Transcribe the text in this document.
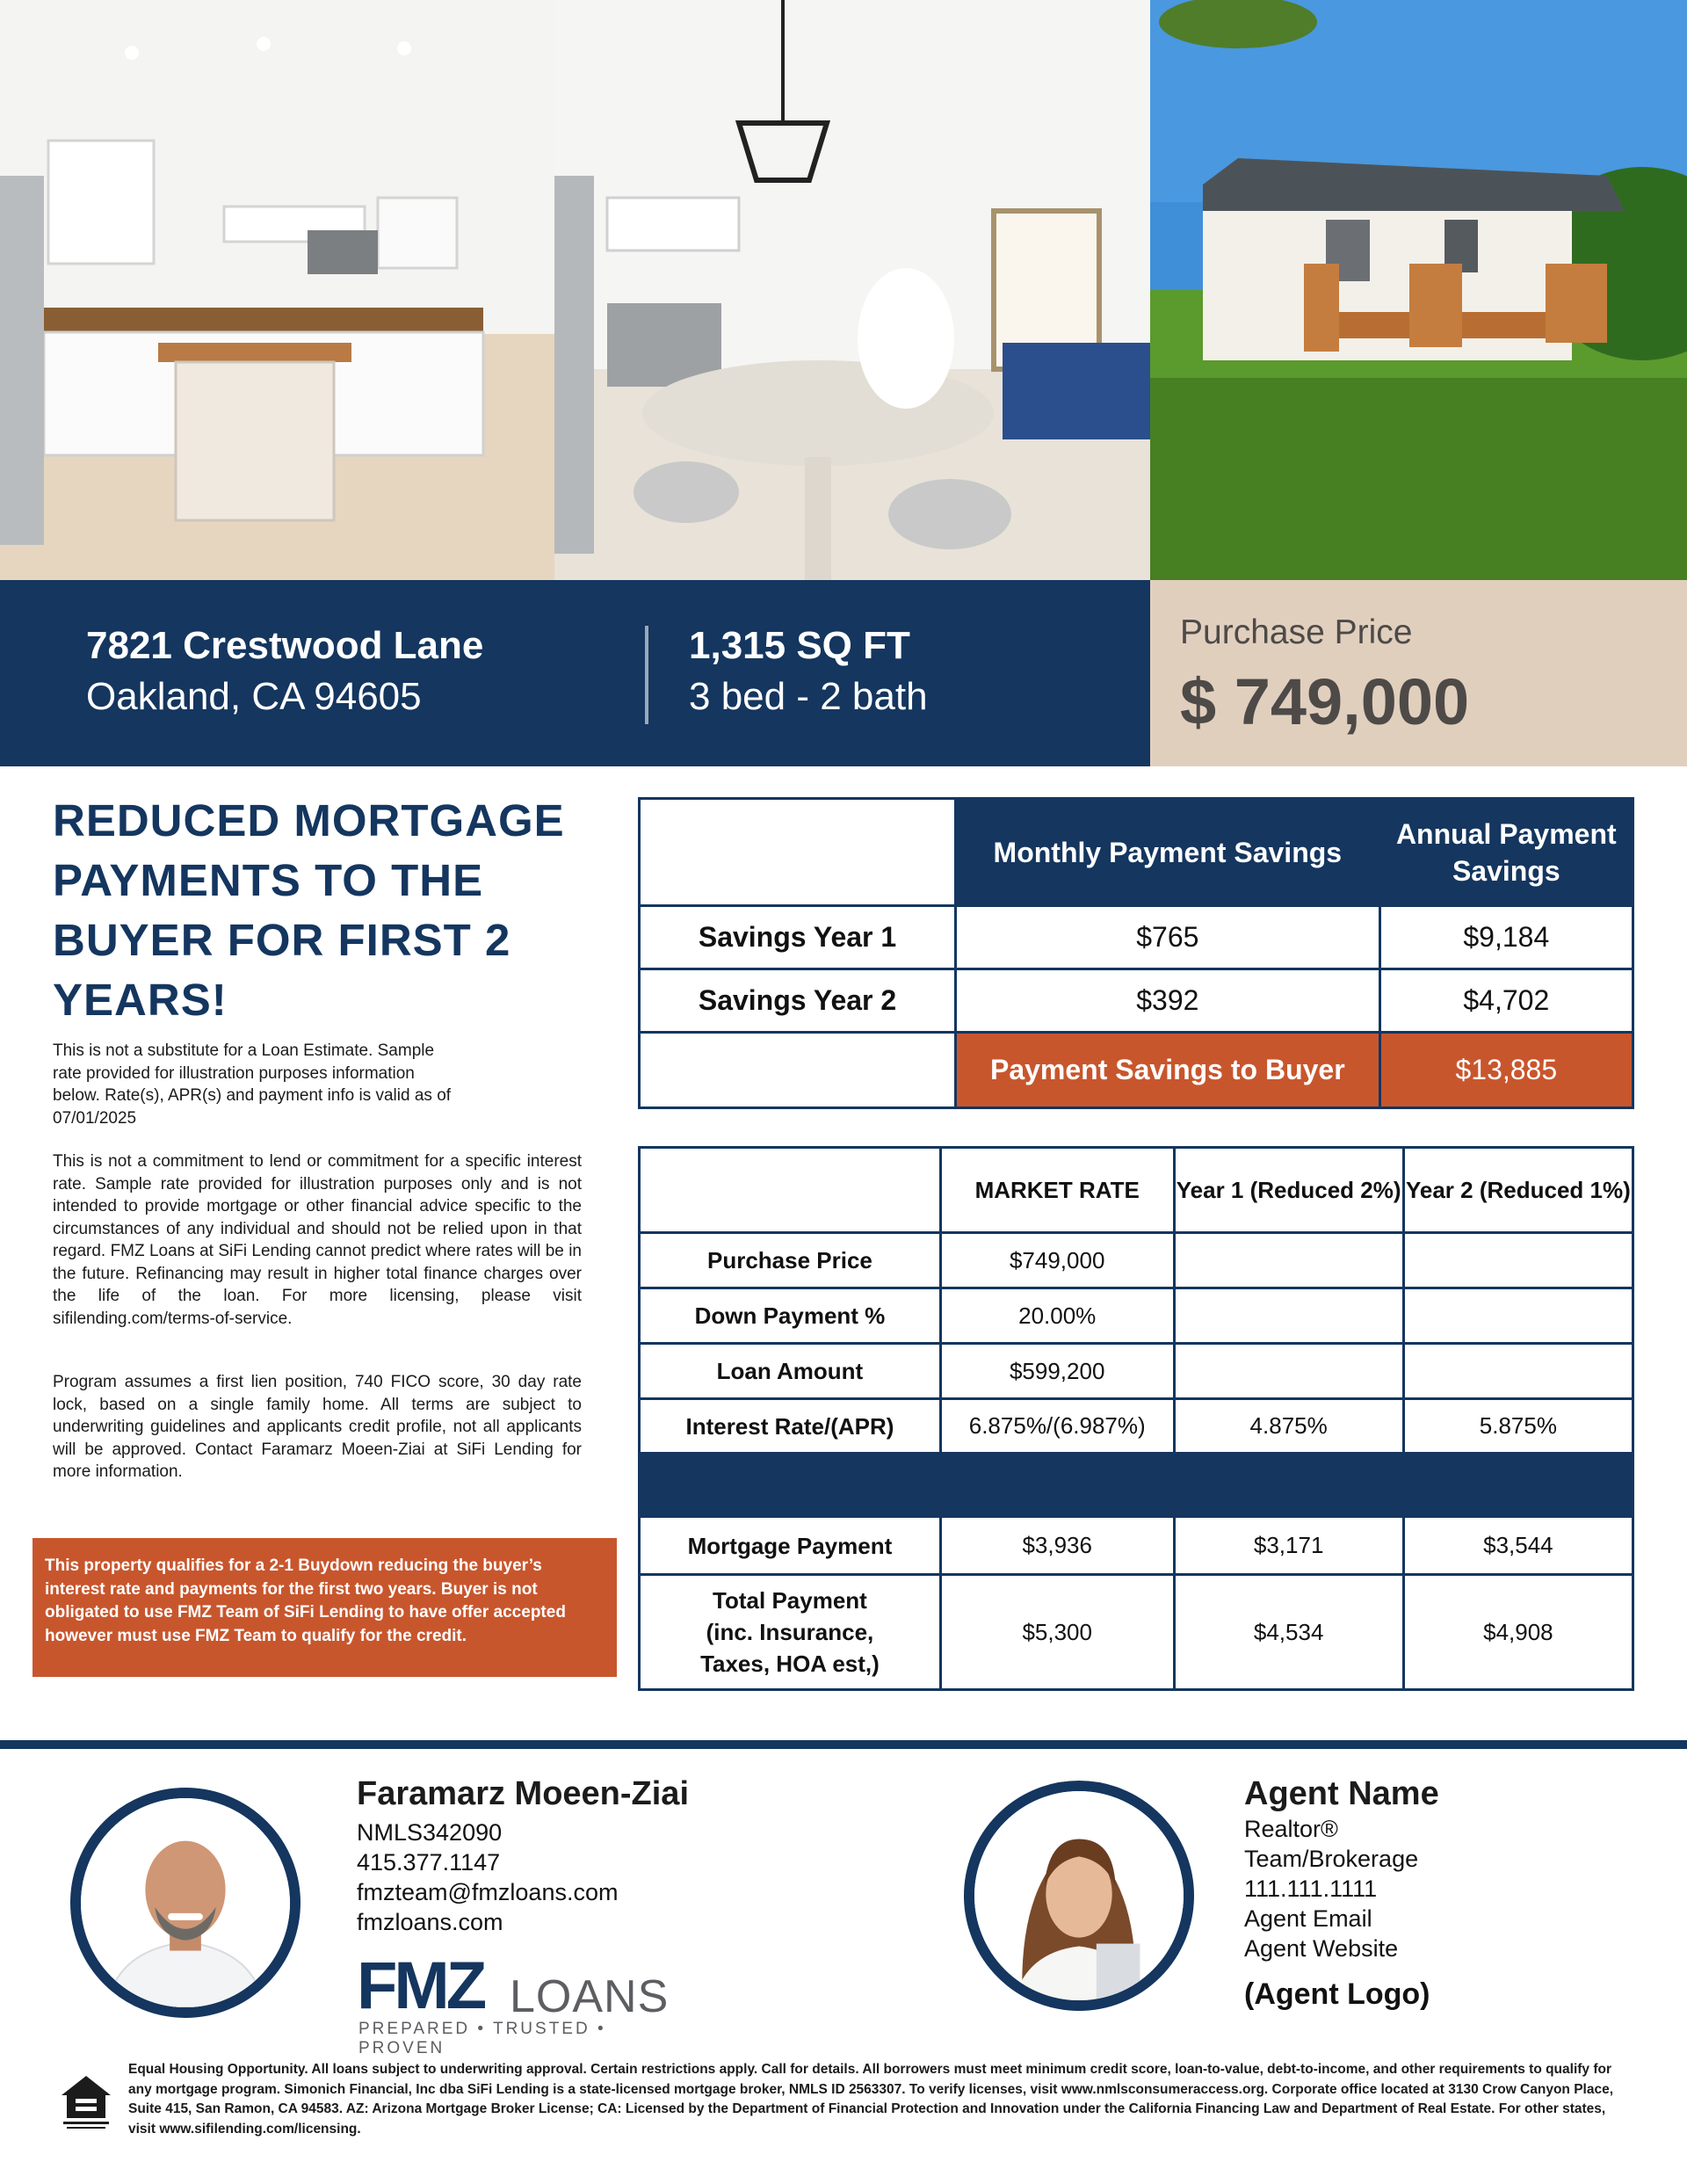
7821 Crestwood Lane
Oakland, CA 94605
1,315 SQ FT
3 bed - 2 bath
Purchase Price
$ 749,000
REDUCED MORTGAGE PAYMENTS TO THE BUYER FOR FIRST 2 YEARS!
This is not a substitute for a Loan Estimate. Sample rate provided for illustration purposes information below. Rate(s), APR(s) and payment info is valid as of 07/01/2025
This is not a commitment to lend or commitment for a specific interest rate. Sample rate provided for illustration purposes only and is not intended to provide mortgage or other financial advice specific to the circumstances of any individual and should not be relied upon in that regard. FMZ Loans at SiFi Lending cannot predict where rates will be in the future. Refinancing may result in higher total finance charges over the life of the loan. For more licensing, please visit sifilending.com/terms-of-service.
Program assumes a first lien position, 740 FICO score, 30 day rate lock, based on a single family home. All terms are subject to underwriting guidelines and applicants credit profile, not all applicants will be approved. Contact Faramarz Moeen-Ziai at SiFi Lending for more information.
This property qualifies for a 2-1 Buydown reducing the buyer’s interest rate and payments for the first two years. Buyer is not obligated to use FMZ Team of SiFi Lending to have offer accepted however must use FMZ Team to qualify for the credit.
	Monthly Payment Savings	Annual Payment Savings
Savings Year 1	$765	$9,184
Savings Year 2	$392	$4,702
	Payment Savings to Buyer	$13,885
	MARKET RATE	Year 1 (Reduced 2%)	Year 2 (Reduced 1%)
Purchase Price	$749,000		
Down Payment %	20.00%		
Loan Amount	$599,200		
Interest Rate/(APR)	6.875%/(6.987%)	4.875%	5.875%

Mortgage Payment	$3,936	$3,171	$3,544

Total Payment
(inc. Insurance,
Taxes, HOA est,)	$5,300	$4,534	$4,908
Faramarz Moeen-Ziai
NMLS342090
415.377.1147
fmzteam@fmzloans.com
fmzloans.com
FMZ LOANS
PREPARED • TRUSTED • PROVEN
Agent Name
Realtor®
Team/Brokerage
111.111.1111
Agent Email
Agent Website
(Agent Logo)
Equal Housing Opportunity. All loans subject to underwriting approval. Certain restrictions apply. Call for details. All borrowers must meet minimum credit score, loan-to-value, debt-to-income, and other requirements to qualify for any mortgage program. Simonich Financial, Inc dba SiFi Lending is a state-licensed mortgage broker, NMLS ID 2563307. To verify licenses, visit www.nmlsconsumeraccess.org. Corporate office located at 3130 Crow Canyon Place, Suite 415, San Ramon, CA 94583. AZ: Arizona Mortgage Broker License; CA: Licensed by the Department of Financial Protection and Innovation under the California Financing Law and Department of Real Estate. For other states, visit www.sifilending.com/licensing.
